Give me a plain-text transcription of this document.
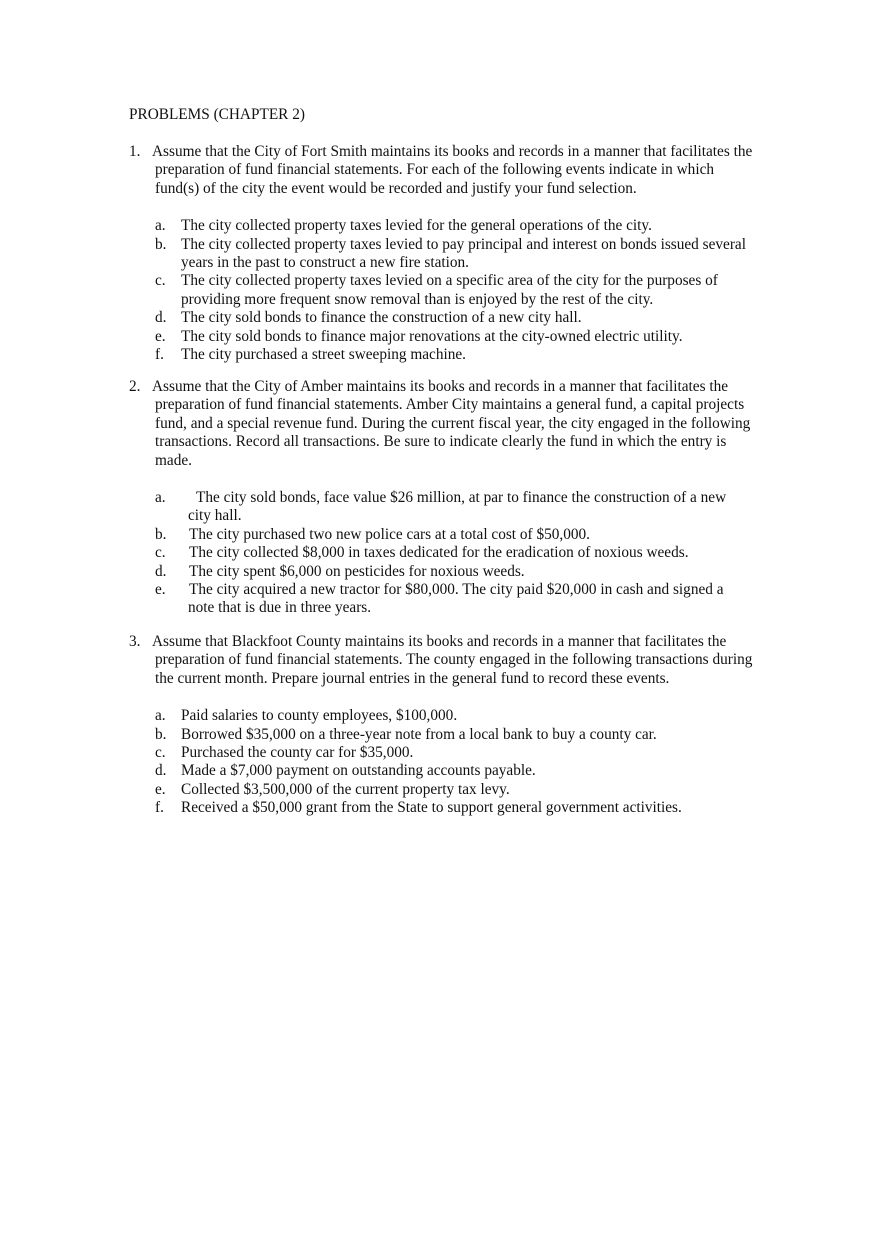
PROBLEMS (CHAPTER 2)
1. Assume that the City of Fort Smith maintains its books and records in a manner that facilitates the preparation of fund financial statements. For each of the following events indicate in which fund(s) of the city the event would be recorded and justify your fund selection.
a. The city collected property taxes levied for the general operations of the city.
b. The city collected property taxes levied to pay principal and interest on bonds issued several years in the past to construct a new fire station.
c. The city collected property taxes levied on a specific area of the city for the purposes of providing more frequent snow removal than is enjoyed by the rest of the city.
d. The city sold bonds to finance the construction of a new city hall.
e. The city sold bonds to finance major renovations at the city-owned electric utility.
f. The city purchased a street sweeping machine.
2. Assume that the City of Amber maintains its books and records in a manner that facilitates the preparation of fund financial statements. Amber City maintains a general fund, a capital projects fund, and a special revenue fund. During the current fiscal year, the city engaged in the following transactions. Record all transactions. Be sure to indicate clearly the fund in which the entry is made.
a.	The city sold bonds, face value $26 million, at par to finance the construction of a new
city hall.
b. The city purchased two new police cars at a total cost of $50,000.
c. The city collected $8,000 in taxes dedicated for the eradication of noxious weeds.
d. The city spent $6,000 on pesticides for noxious weeds.
e. The city acquired a new tractor for $80,000. The city paid $20,000 in cash and signed a
note that is due in three years.
3. Assume that Blackfoot County maintains its books and records in a manner that facilitates the preparation of fund financial statements. The county engaged in the following transactions during the current month. Prepare journal entries in the general fund to record these events.
a. Paid salaries to county employees, $100,000.
b. Borrowed $35,000 on a three-year note from a local bank to buy a county car.
c. Purchased the county car for $35,000.
d. Made a $7,000 payment on outstanding accounts payable.
e. Collected $3,500,000 of the current property tax levy.
f. Received a $50,000 grant from the State to support general government activities.
